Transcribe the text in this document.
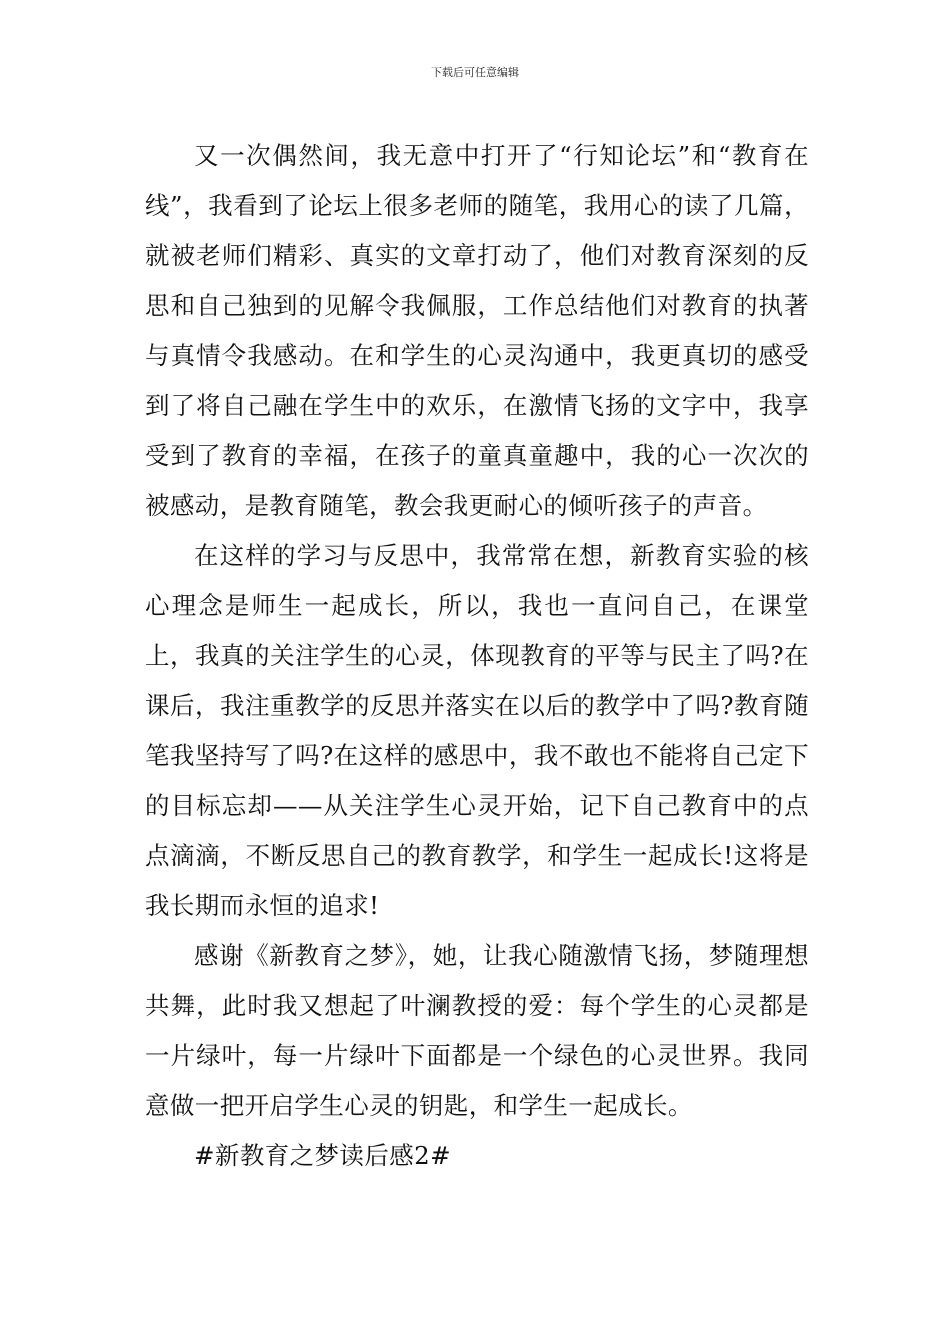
下载后可任意编辑

又一次偶然间，我无意中打开了“行知论坛”和“教育在线”，我看到了论坛上很多老师的随笔，我用心的读了几篇，就被老师们精彩、真实的文章打动了，他们对教育深刻的反思和自己独到的见解令我佩服，工作总结他们对教育的执著与真情令我感动。在和学生的心灵沟通中，我更真切的感受到了将自己融在学生中的欢乐，在激情飞扬的文字中，我享受到了教育的幸福，在孩子的童真童趣中，我的心一次次的被感动，是教育随笔，教会我更耐心的倾听孩子的声音。

在这样的学习与反思中，我常常在想，新教育实验的核心理念是师生一起成长，所以，我也一直问自己，在课堂上，我真的关注学生的心灵，体现教育的平等与民主了吗?在课后，我注重教学的反思并落实在以后的教学中了吗?教育随笔我坚持写了吗?在这样的感思中，我不敢也不能将自己定下的目标忘却——从关注学生心灵开始，记下自己教育中的点点滴滴，不断反思自己的教育教学，和学生一起成长!这将是我长期而永恒的追求!

感谢《新教育之梦》，她，让我心随激情飞扬，梦随理想共舞，此时我又想起了叶澜教授的爱：每个学生的心灵都是一片绿叶，每一片绿叶下面都是一个绿色的心灵世界。我同意做一把开启学生心灵的钥匙，和学生一起成长。

#新教育之梦读后感2#
